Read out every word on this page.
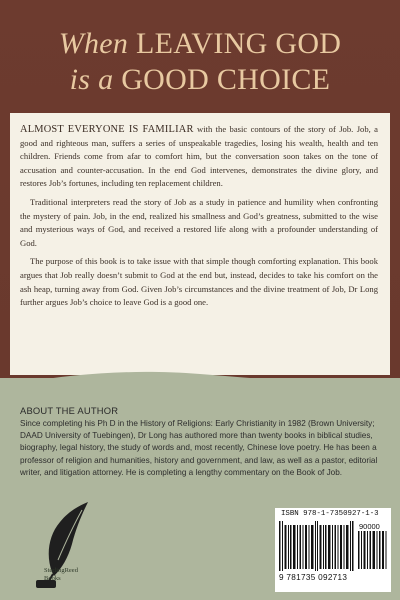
When LEAVING GOD
is a GOOD CHOICE

ALMOST EVERYONE IS FAMILIAR with the basic contours of the story of Job. Job, a good and righteous man, suffers a series of unspeakable tragedies, losing his wealth, health and ten children. Friends come from afar to comfort him, but the conversation soon takes on the tone of accusation and counter-accusation. In the end God intervenes, demonstrates the divine glory, and restores Job’s fortunes, including ten replacement children.

Traditional interpreters read the story of Job as a study in patience and humility when confronting the mystery of pain. Job, in the end, realized his smallness and God’s greatness, submitted to the wise and mysterious ways of God, and received a restored life along with a profounder understanding of God.

The purpose of this book is to take issue with that simple though comforting explanation. This book argues that Job really doesn’t submit to God at the end but, instead, decides to take his comfort on the ash heap, turning away from God. Given Job’s circumstances and the divine treatment of Job, Dr Long further argues Job’s choice to leave God is a good one.

ABOUT THE AUTHOR
Since completing his Ph D in the History of Religions: Early Christianity in 1982 (Brown University; DAAD University of Tuebingen), Dr Long has authored more than twenty books in biblical studies, biography, legal history, the study of words and, most recently, Chinese love poetry. He has been a professor of religion and humanities, history and government, and law, as well as a pastor, editorial writer, and litigation attorney. He is completing a lengthy commentary on the Book of Job.
SterlingReed
Books
ISBN 978-1-7350927-1-3
90000
9 781735 092713
